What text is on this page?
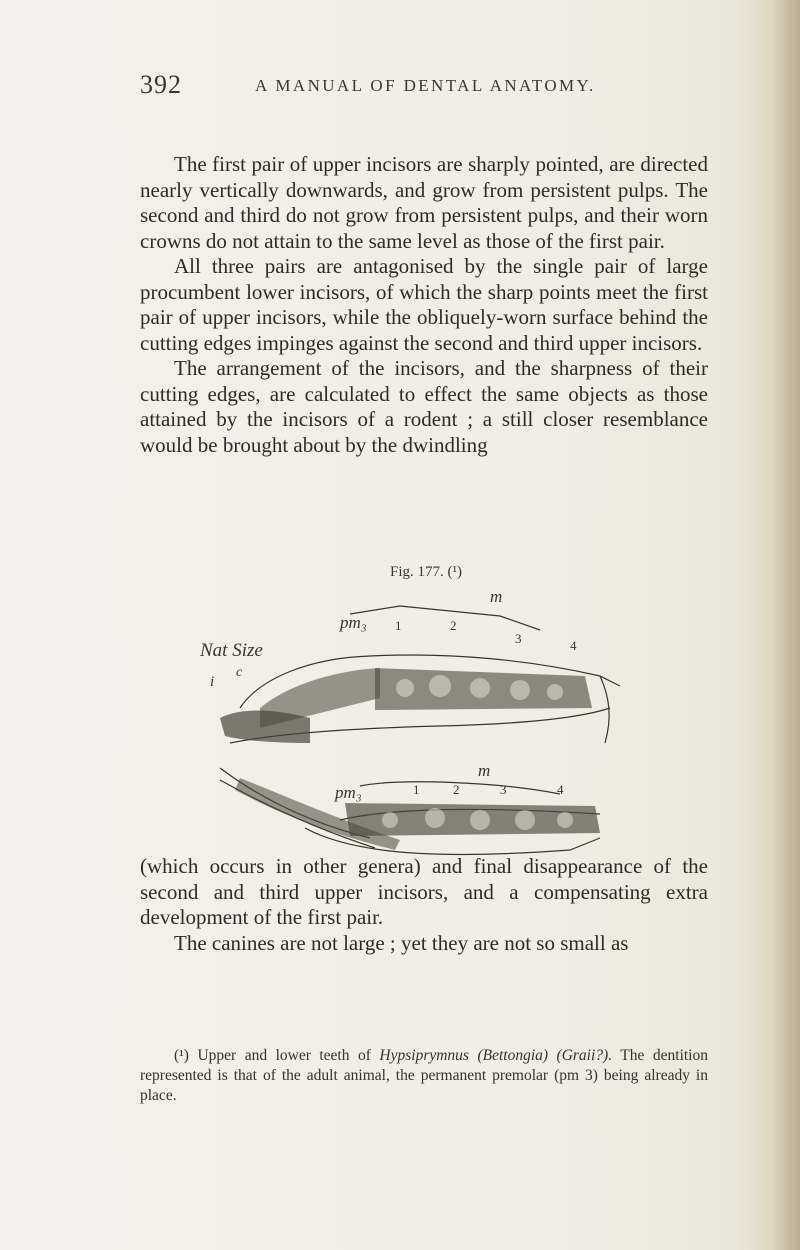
392	A MANUAL OF DENTAL ANATOMY.

The first pair of upper incisors are sharply pointed, are directed nearly vertically downwards, and grow from persistent pulps. The second and third do not grow from persistent pulps, and their worn crowns do not attain to the same level as those of the first pair.

All three pairs are antagonised by the single pair of large procumbent lower incisors, of which the sharp points meet the first pair of upper incisors, while the obliquely-worn surface behind the cutting edges impinges against the second and third upper incisors.

The arrangement of the incisors, and the sharpness of their cutting edges, are calculated to effect the same objects as those attained by the incisors of a rodent ; a still closer resemblance would be brought about by the dwindling

Fig. 177. (¹)
m
pm₃
Nat Size
c
i
1	2
3	4
m
pm₃	1	2	3	4

(which occurs in other genera) and final disappearance of the second and third upper incisors, and a compensating extra development of the first pair.

The canines are not large ; yet they are not so small as

(¹) Upper and lower teeth of Hypsiprymnus (Bettongia) (Graii?). The dentition represented is that of the adult animal, the permanent premolar (pm 3) being already in place.
